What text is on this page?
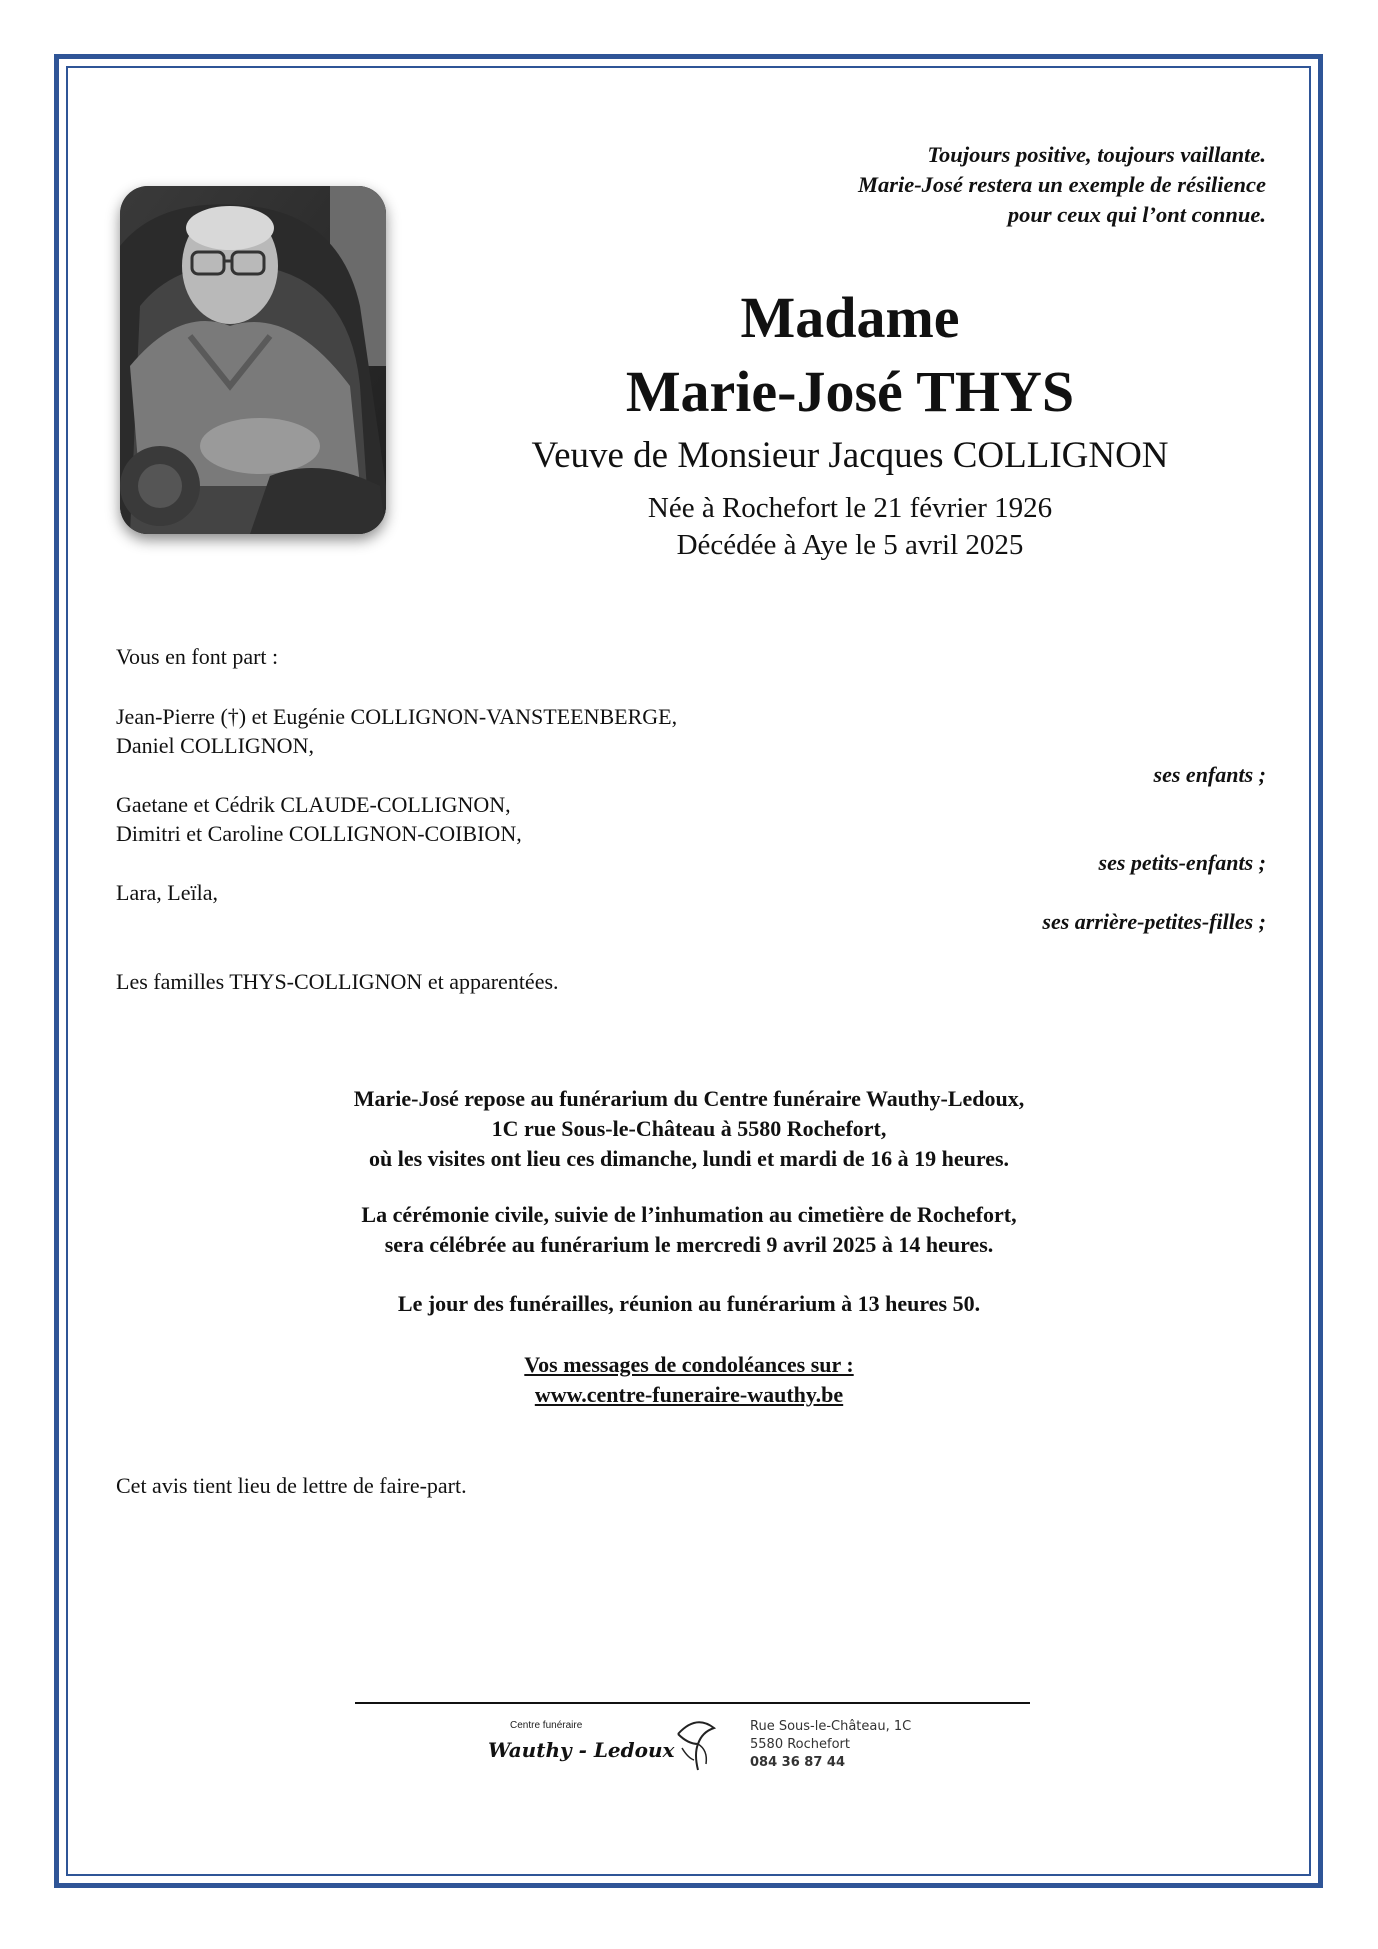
Toujours positive, toujours vaillante.
Marie-José restera un exemple de résilience
pour ceux qui l’ont connue.
Madame
Marie-José THYS
Veuve de Monsieur Jacques COLLIGNON
Née à Rochefort le 21 février 1926
Décédée à Aye le 5 avril 2025
Vous en font part :
Jean-Pierre (†) et Eugénie COLLIGNON-VANSTEENBERGE,
Daniel COLLIGNON,
ses enfants ;
Gaetane et Cédrik CLAUDE-COLLIGNON,
Dimitri et Caroline COLLIGNON-COIBION,
ses petits-enfants ;
Lara, Leïla,
ses arrière-petites-filles ;
Les familles THYS-COLLIGNON et apparentées.
Marie-José repose au funérarium du Centre funéraire Wauthy-Ledoux,
1C rue Sous-le-Château à 5580 Rochefort,
où les visites ont lieu ces dimanche, lundi et mardi de 16 à 19 heures.
La cérémonie civile, suivie de l’inhumation au cimetière de Rochefort,
sera célébrée au funérarium le mercredi 9 avril 2025 à 14 heures.
Le jour des funérailles, réunion au funérarium à 13 heures 50.
Vos messages de condoléances sur :
www.centre-funeraire-wauthy.be
Cet avis tient lieu de lettre de faire-part.
Centre funéraire
Wauthy - Ledoux
Rue Sous-le-Château, 1C
5580 Rochefort
084 36 87 44
